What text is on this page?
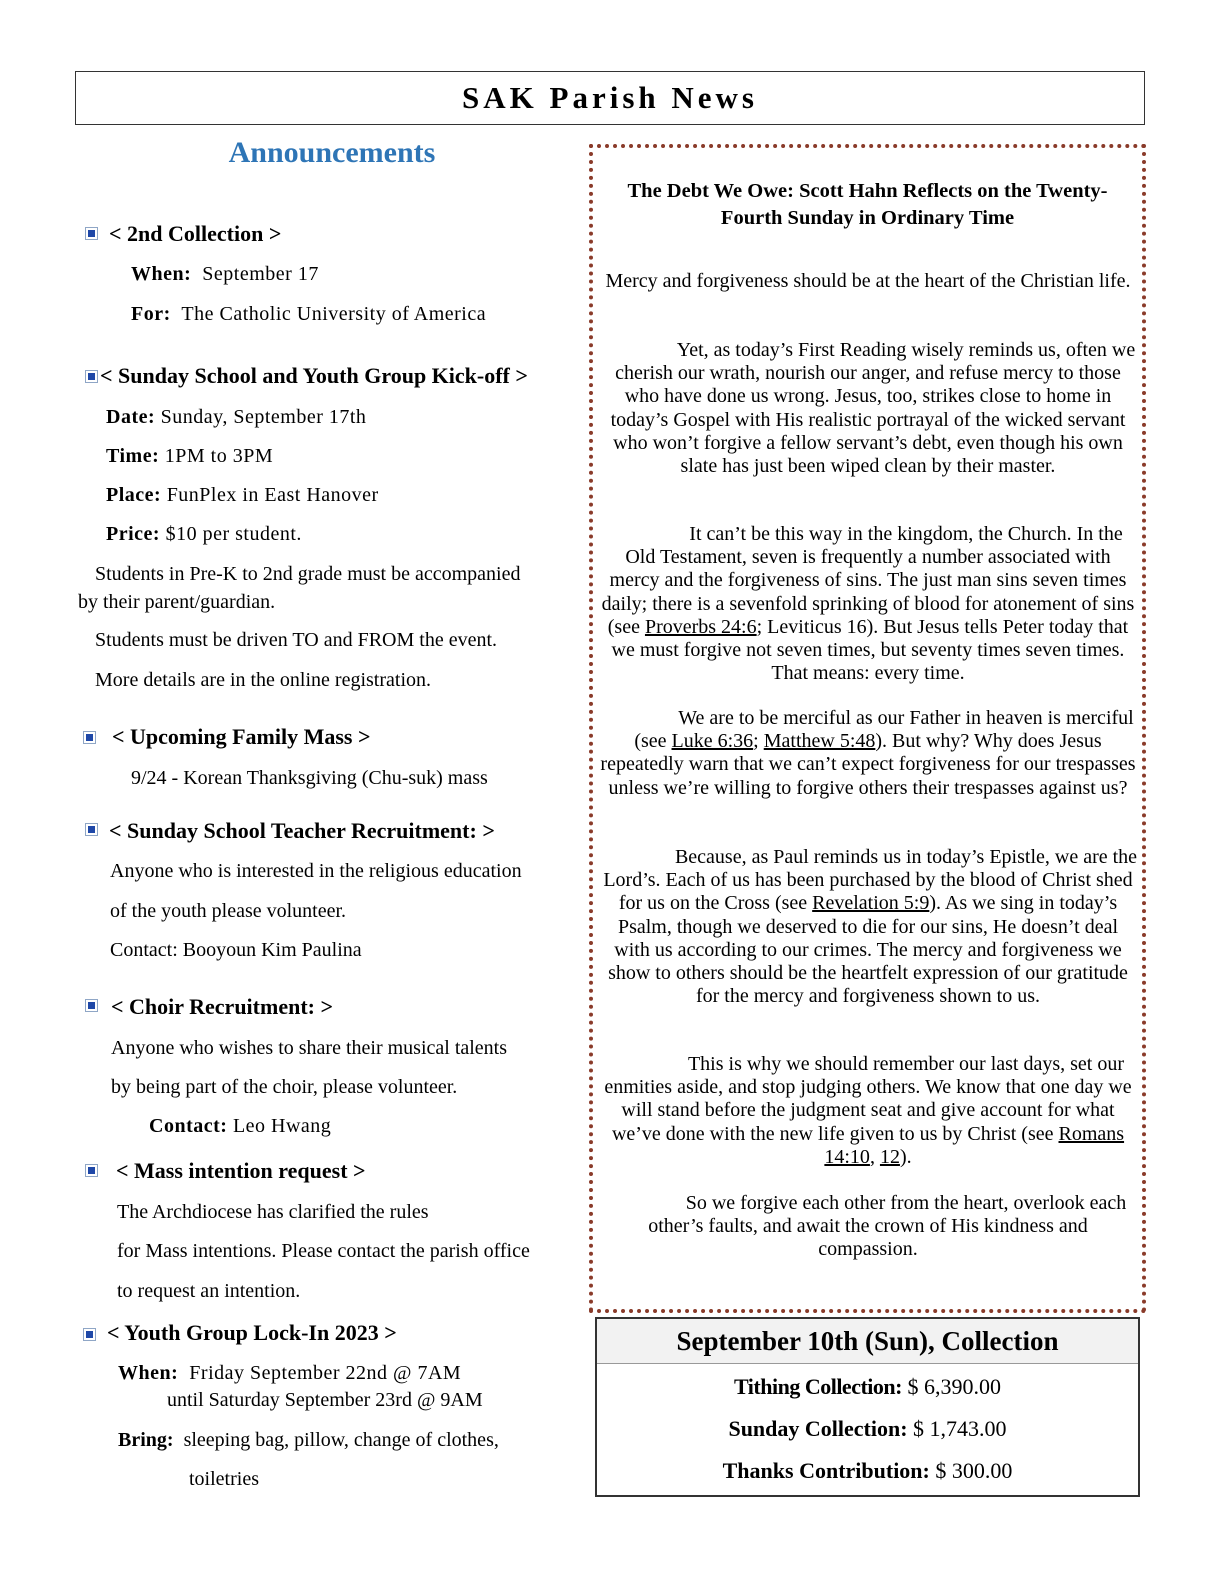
SAK Parish News
Announcements
< 2nd Collection >
When: September 17
For: The Catholic University of America
< Sunday School and Youth Group Kick-off >
Date: Sunday, September 17th
Time: 1PM to 3PM
Place: FunPlex in East Hanover
Price: $10 per student.
Students in Pre-K to 2nd grade must be accompanied
by their parent/guardian.
Students must be driven TO and FROM the event.
More details are in the online registration.
< Upcoming Family Mass >
9/24 - Korean Thanksgiving (Chu-suk) mass
< Sunday School Teacher Recruitment: >
Anyone who is interested in the religious education
of the youth please volunteer.
Contact: Booyoun Kim Paulina
< Choir Recruitment: >
Anyone who wishes to share their musical talents
by being part of the choir, please volunteer.
Contact: Leo Hwang
< Mass intention request >
The Archdiocese has clarified the rules
for Mass intentions. Please contact the parish office
to request an intention.
< Youth Group Lock-In 2023 >
When: Friday September 22nd @ 7AM
until Saturday September 23rd @ 9AM
Bring: sleeping bag, pillow, change of clothes,
toiletries
The Debt We Owe: Scott Hahn Reflects on the Twenty-Fourth Sunday in Ordinary Time
Mercy and forgiveness should be at the heart of the Christian life.
Yet, as today’s First Reading wisely reminds us, often we cherish our wrath, nourish our anger, and refuse mercy to those who have done us wrong. Jesus, too, strikes close to home in today’s Gospel with His realistic portrayal of the wicked servant who won’t forgive a fellow servant’s debt, even though his own slate has just been wiped clean by their master.
It can’t be this way in the kingdom, the Church. In the Old Testament, seven is frequently a number associated with mercy and the forgiveness of sins. The just man sins seven times daily; there is a sevenfold sprinking of blood for atonement of sins (see Proverbs 24:6; Leviticus 16). But Jesus tells Peter today that we must forgive not seven times, but seventy times seven times. That means: every time.
We are to be merciful as our Father in heaven is merciful (see Luke 6:36; Matthew 5:48). But why? Why does Jesus repeatedly warn that we can’t expect forgiveness for our trespasses unless we’re willing to forgive others their trespasses against us?
Because, as Paul reminds us in today’s Epistle, we are the Lord’s. Each of us has been purchased by the blood of Christ shed for us on the Cross (see Revelation 5:9). As we sing in today’s Psalm, though we deserved to die for our sins, He doesn’t deal with us according to our crimes. The mercy and forgiveness we show to others should be the heartfelt expression of our gratitude for the mercy and forgiveness shown to us.
This is why we should remember our last days, set our enmities aside, and stop judging others. We know that one day we will stand before the judgment seat and give account for what we’ve done with the new life given to us by Christ (see Romans 14:10, 12).
So we forgive each other from the heart, overlook each other’s faults, and await the crown of His kindness and compassion.
September 10th (Sun), Collection
Tithing Collection: $ 6,390.00
Sunday Collection: $ 1,743.00
Thanks Contribution: $ 300.00
